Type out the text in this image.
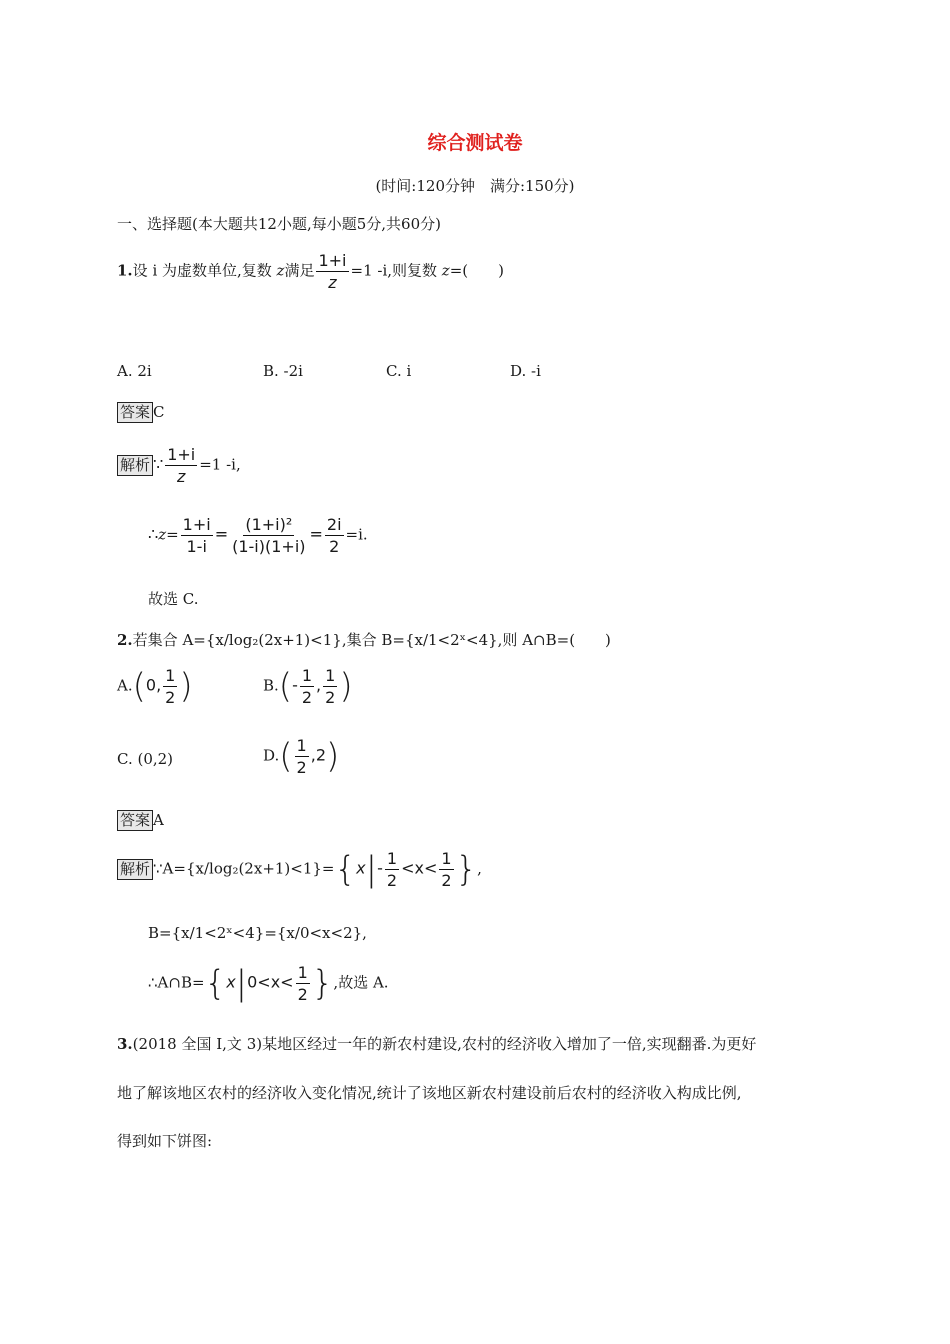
综合测试卷
(时间:120分钟　满分:150分)
一、选择题(本大题共12小题,每小题5分,共60分)
1.设 i 为虚数单位,复数 z满足 $\frac{1+i}{z} =1$ -i,则复数 z=(　　)
A. 2i	B. -2i	C. i	D. -i
答案 C
解析 ∵ $\frac{1+i}{z} =1$ -i,
∴z= $\frac{1+i}{1-i} = \frac{\text{(1+i)²}}{(1-i)(1+i)} = \frac{2i}{2} =i$.
故选 C.
2.若集合 A={x/log₂(2x+1)<1},集合 B={x/1<2ˣ<4},则 A∩B=(　　)
A.(0, $\frac{1}{2}$ )	$B.(- \frac{1}{2}$ , $\frac{1}{2}$ )
C. (0,2)	$D.( \frac{1}{2} ,2)$
答案 A
解析 ∵A={x/log₂(2x+1)<1}={x|- $\frac{1}{2} <x< \frac{1}{2}$ },
B={x/1<2ˣ<4}={x/0<x<2},
∴A∩B={x|0<x< $\frac{1}{2}$ },故选 A.
3.(2018 全国 Ⅰ,文 3)某地区经过一年的新农村建设,农村的经济收入增加了一倍,实现翻番.为更好
地了解该地区农村的经济收入变化情况,统计了该地区新农村建设前后农村的经济收入构成比例,
得到如下饼图:
